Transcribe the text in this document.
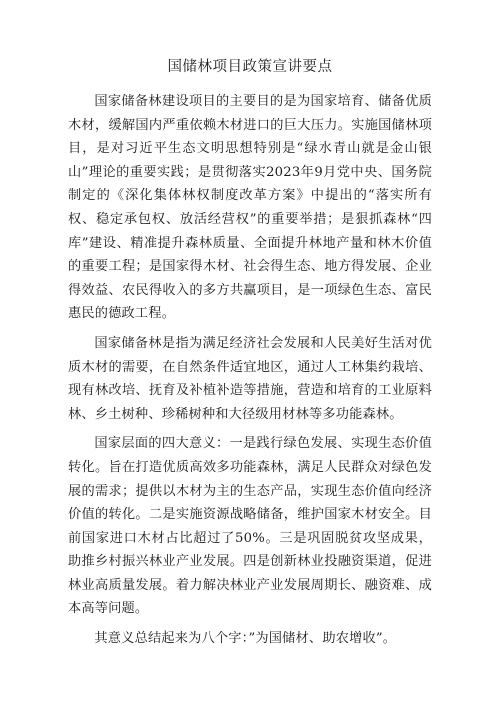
国储林项目政策宣讲要点

国家储备林建设项目的主要目的是为国家培育、储备优质木材，缓解国内严重依赖木材进口的巨大压力。实施国储林项目，是对习近平生态文明思想特别是“绿水青山就是金山银山”理论的重要实践；是贯彻落实2023年9月党中央、国务院制定的《深化集体林权制度改革方案》中提出的“落实所有权、稳定承包权、放活经营权”的重要举措；是狠抓森林“四库”建设、精准提升森林质量、全面提升林地产量和林木价值的重要工程；是国家得木材、社会得生态、地方得发展、企业得效益、农民得收入的多方共赢项目，是一项绿色生态、富民惠民的德政工程。

国家储备林是指为满足经济社会发展和人民美好生活对优质木材的需要，在自然条件适宜地区，通过人工林集约栽培、现有林改培、抚育及补植补造等措施，营造和培育的工业原料林、乡土树种、珍稀树种和大径级用材林等多功能森林。

国家层面的四大意义：一是践行绿色发展、实现生态价值转化。旨在打造优质高效多功能森林，满足人民群众对绿色发展的需求；提供以木材为主的生态产品，实现生态价值向经济价值的转化。二是实施资源战略储备，维护国家木材安全。目前国家进口木材占比超过了50%。三是巩固脱贫攻坚成果，助推乡村振兴林业产业发展。四是创新林业投融资渠道，促进林业高质量发展。着力解决林业产业发展周期长、融资难、成本高等问题。

其意义总结起来为八个字：”为国储材、助农增收”。
